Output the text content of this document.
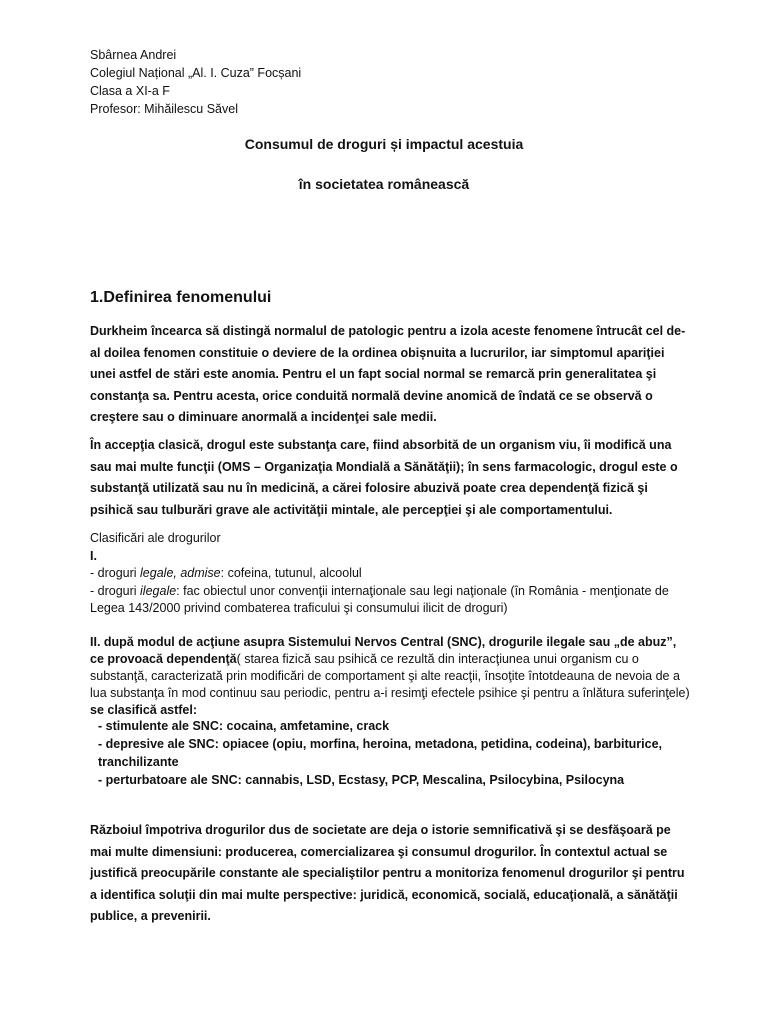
Sbârnea Andrei
Colegiul Național „Al. I. Cuza” Focșani
Clasa a XI-a F
Profesor: Mihăilescu Săvel
Consumul de droguri și impactul acestuia
în societatea românească
1.Definirea fenomenului
Durkheim încearca să distingă normalul de patologic pentru a izola aceste fenomene întrucât cel de-al doilea fenomen constituie o deviere de la ordinea obișnuita a lucrurilor, iar simptomul apariţiei unei astfel de stări este anomia. Pentru el un fapt social normal se remarcă prin generalitatea şi constanţa sa. Pentru acesta, orice conduită normală devine anomică de îndată ce se observă o creştere sau o diminuare anormală a incidenţei sale medii.
În accepţia clasică, drogul este substanţa care, fiind absorbită de un organism viu, îi modifică una sau mai multe funcţii (OMS – Organizaţia Mondială a Sănătăţii); în sens farmacologic, drogul este o substanţă utilizată sau nu în medicină, a cărei folosire abuzivă poate crea dependenţă fizică şi psihică sau tulburări grave ale activităţii mintale, ale percepţiei şi ale comportamentului.
Clasificări ale drogurilor
I.
- droguri legale, admise: cofeina, tutunul, alcoolul
- droguri ilegale: fac obiectul unor convenţii internaţionale sau legi naţionale (în România - menţionate de Legea 143/2000 privind combaterea traficului şi consumului ilicit de droguri)
II. după modul de acţiune asupra Sistemului Nervos Central (SNC), drogurile ilegale sau „de abuz”, ce provoacă dependenţă( starea fizică sau psihică ce rezultă din interacţiunea unui organism cu o substanţă, caracterizată prin modificări de comportament şi alte reacţii, însoţite întotdeauna de nevoia de a lua substanţa în mod continuu sau periodic, pentru a-i resimţi efectele psihice şi pentru a înlătura suferinţele) se clasifică astfel:
- stimulente ale SNC: cocaina, amfetamine, crack
- depresive ale SNC: opiacee (opiu, morfina, heroina, metadona, petidina, codeina), barbiturice, tranchilizante
- perturbatoare ale SNC: cannabis, LSD, Ecstasy, PCP, Mescalina, Psilocybina, Psilocyna
Războiul împotriva drogurilor dus de societate are deja o istorie semnificativă şi se desfăşoară pe mai multe dimensiuni: producerea, comercializarea şi consumul drogurilor. În contextul actual se justifică preocupările constante ale specialiştilor pentru a monitoriza fenomenul drogurilor şi pentru a identifica soluţii din mai multe perspective: juridică, economică, socială, educaţională, a sănătăţii publice, a prevenirii.
